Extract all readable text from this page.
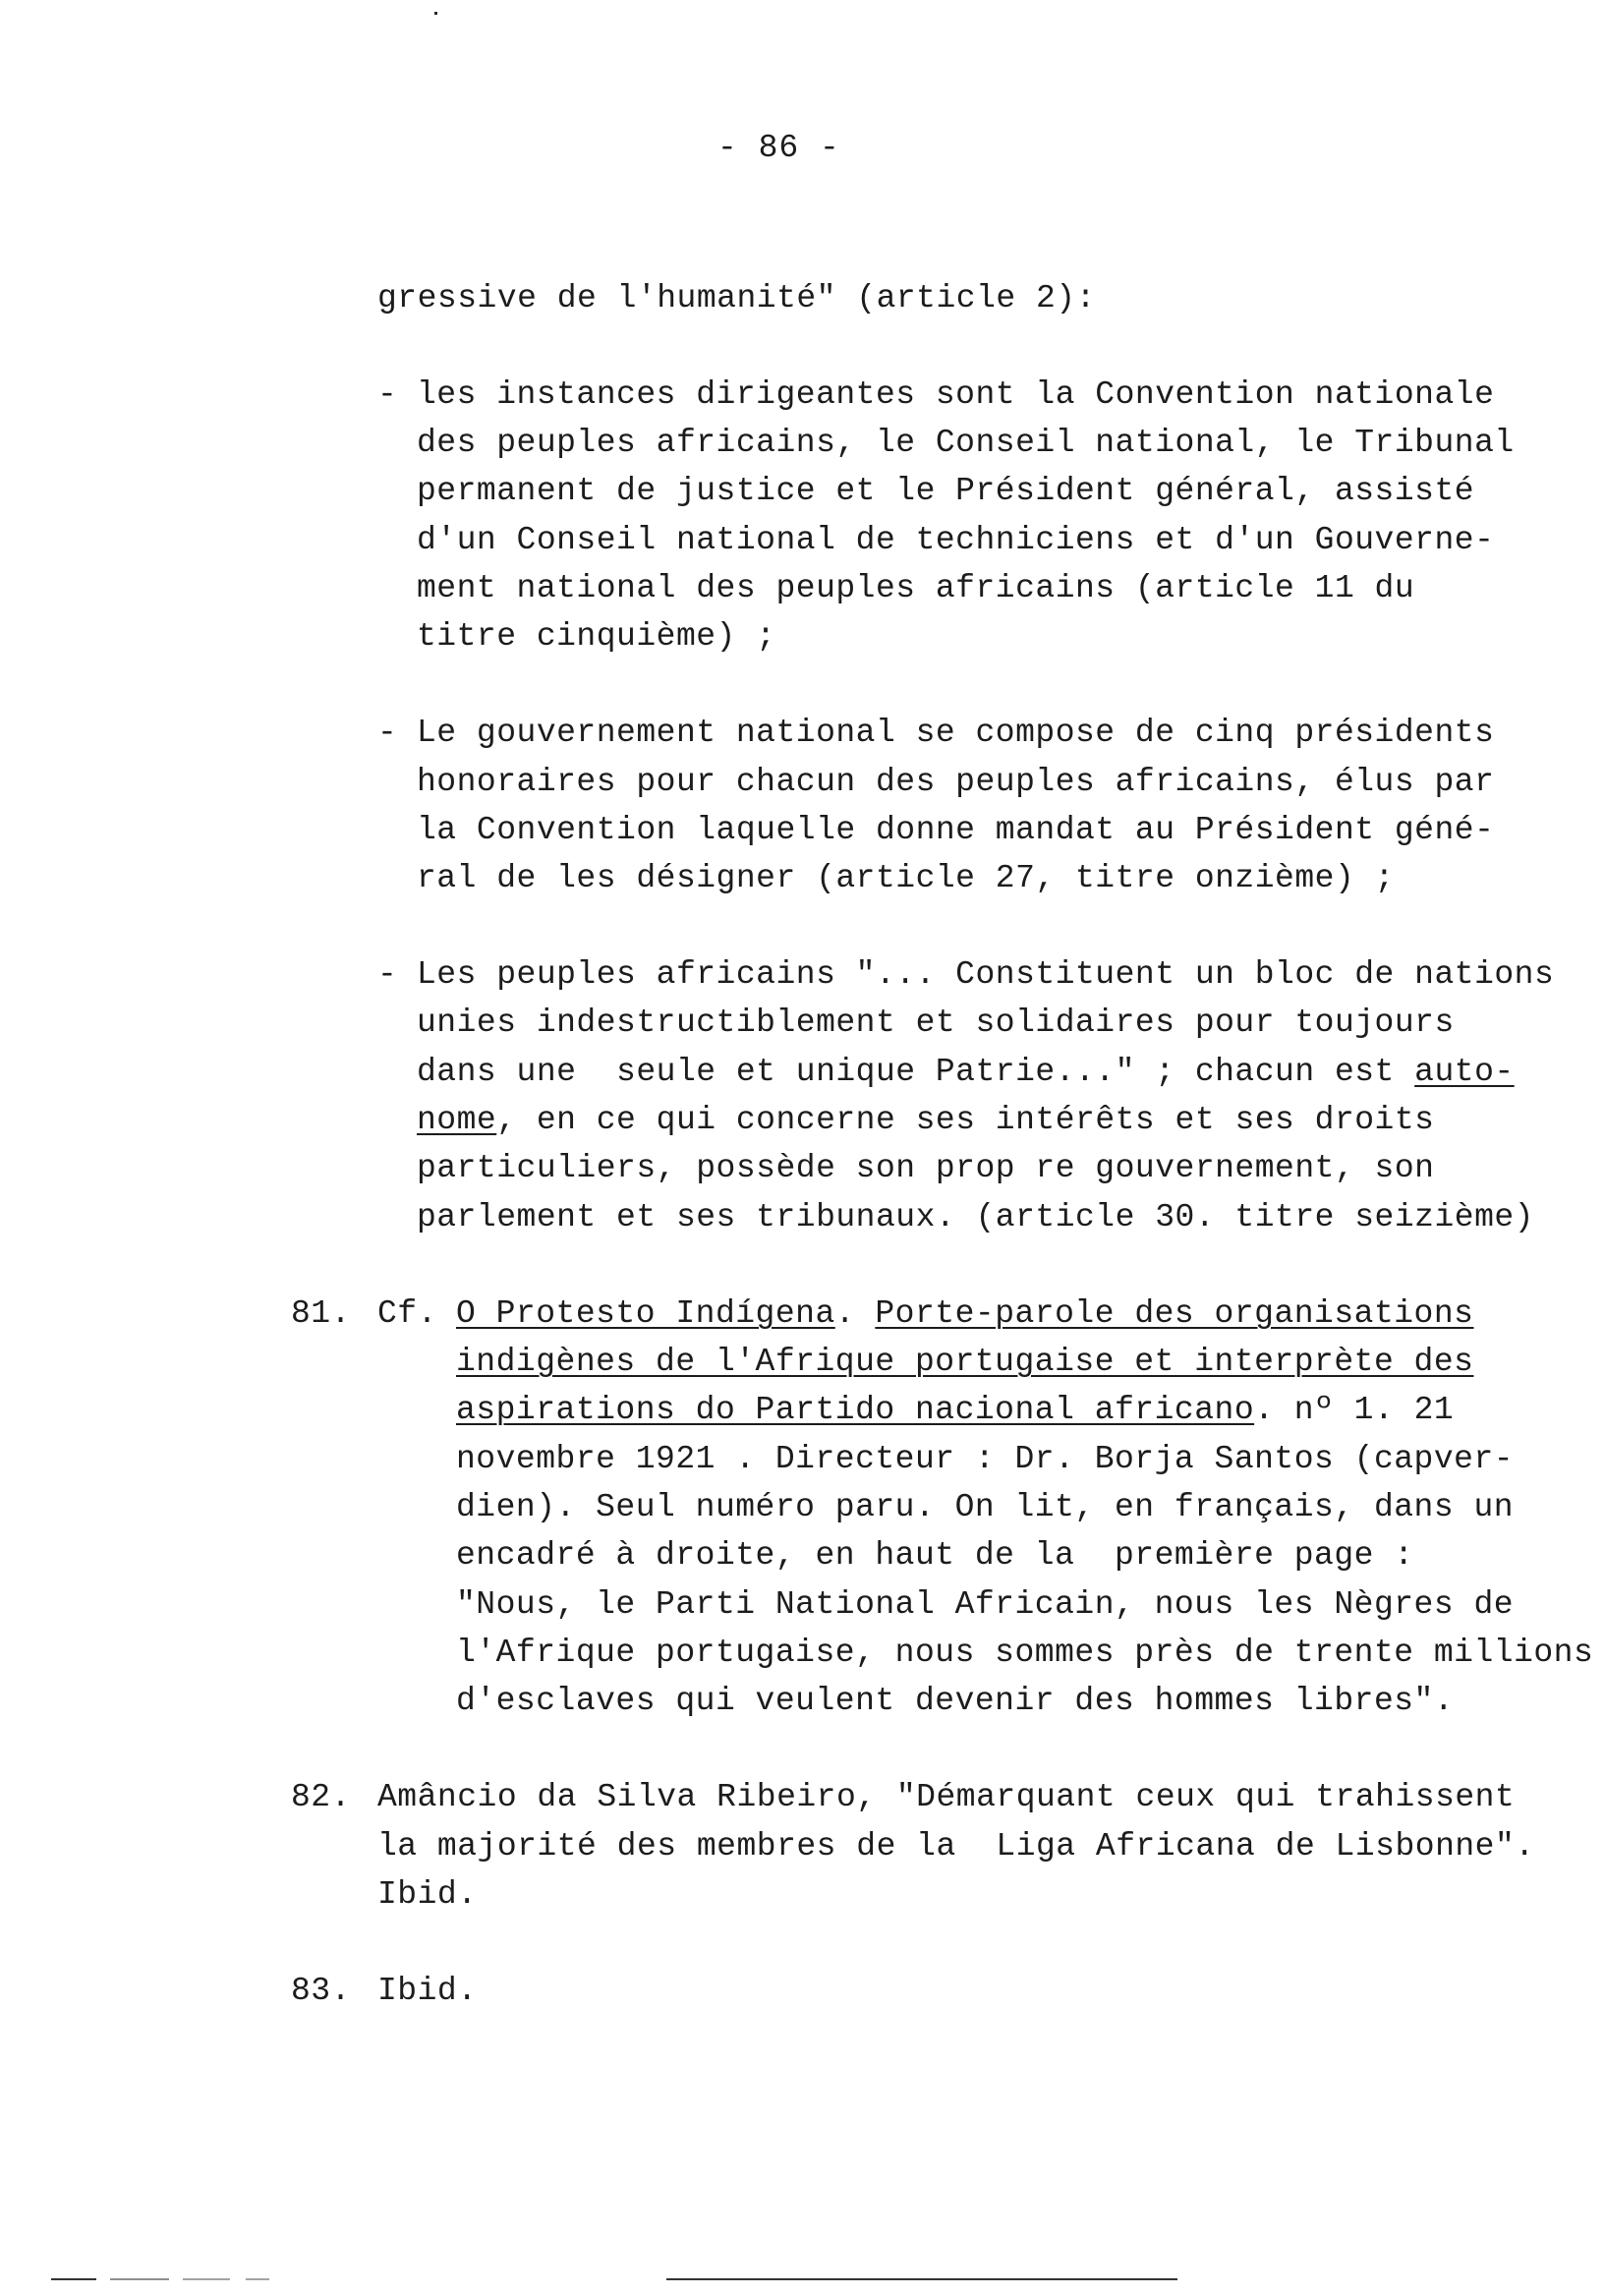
- 86 -
gressive de l'humanité" (article 2):
- les instances dirigeantes sont la Convention nationale
des peuples africains, le Conseil national, le Tribunal
permanent de justice et le Président général, assisté
d'un Conseil national de techniciens et d'un Gouverne-
ment national des peuples africains (article 11 du
titre cinquième) ;
- Le gouvernement national se compose de cinq présidents
honoraires pour chacun des peuples africains, élus par
la Convention laquelle donne mandat au Président géné-
ral de les désigner (article 27, titre onzième) ;
- Les peuples africains "... Constituent un bloc de nations
unies indestructiblement et solidaires pour toujours
dans une  seule et unique Patrie..." ; chacun est auto-
nome, en ce qui concerne ses intérêts et ses droits
particuliers, possède son prop re gouvernement, son
parlement et ses tribunaux. (article 30. titre seizième)
81. Cf. O Protesto Indígena. Porte-parole des organisations
indigènes de l'Afrique portugaise et interprète des
aspirations do Partido nacional africano. nº 1. 21
novembre 1921 . Directeur : Dr. Borja Santos (capver-
dien). Seul numéro paru. On lit, en français, dans un
encadré à droite, en haut de la  première page :
"Nous, le Parti National Africain, nous les Nègres de
l'Afrique portugaise, nous sommes près de trente millions
d'esclaves qui veulent devenir des hommes libres".
82. Amâncio da Silva Ribeiro, "Démarquant ceux qui trahissent
la majorité des membres de la  Liga Africana de Lisbonne".
Ibid.
83. Ibid.
